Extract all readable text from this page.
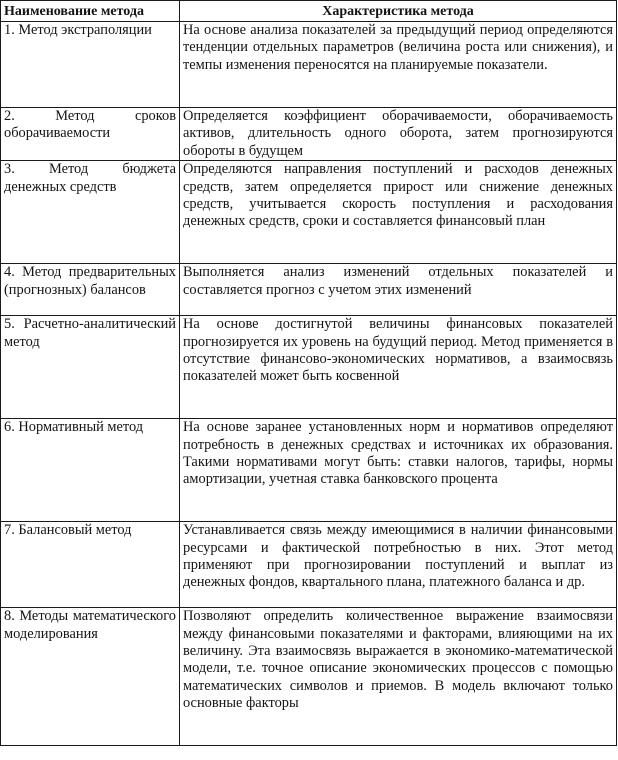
Наименование метода	Характеристика метода
1. Метод экстраполяции	На основе анализа показателей за предыдущий период определяются тенденции отдельных параметров (величина роста или снижения), и темпы изменения переносятся на планируемые показатели.
2. Метод сроков оборачиваемости	Определяется коэффициент оборачиваемости, оборачиваемость активов, длительность одного оборота, затем прогнозируются обороты в будущем
3. Метод бюджета денежных средств	Определяются направления поступлений и расходов денежных средств, затем определяется прирост или снижение денежных средств, учитывается скорость поступления и расходования денежных средств, сроки и составляется финансовый план
4. Метод предварительных (прогнозных) балансов	Выполняется анализ изменений отдельных показателей и составляется прогноз с учетом этих изменений
5. Расчетно-аналитический метод	На основе достигнутой величины финансовых показателей прогнозируется их уровень на будущий период. Метод применяется в отсутствие финансово-экономических нормативов, а взаимосвязь показателей может быть косвенной
6. Нормативный метод	На основе заранее установленных норм и нормативов определяют потребность в денежных средствах и источниках их образования. Такими нормативами могут быть: ставки налогов, тарифы, нормы амортизации, учетная ставка банковского процента
7. Балансовый метод	Устанавливается связь между имеющимися в наличии финансовыми ресурсами и фактической потребностью в них. Этот метод применяют при прогнозировании поступлений и выплат из денежных фондов, квартального плана, платежного баланса и др.
8. Методы математического моделирования	Позволяют определить количественное выражение взаимосвязи между финансовыми показателями и факторами, влияющими на их величину. Эта взаимосвязь выражается в экономико-математической модели, т.е. точное описание экономических процессов с помощью математических символов и приемов. В модель включают только основные факторы
